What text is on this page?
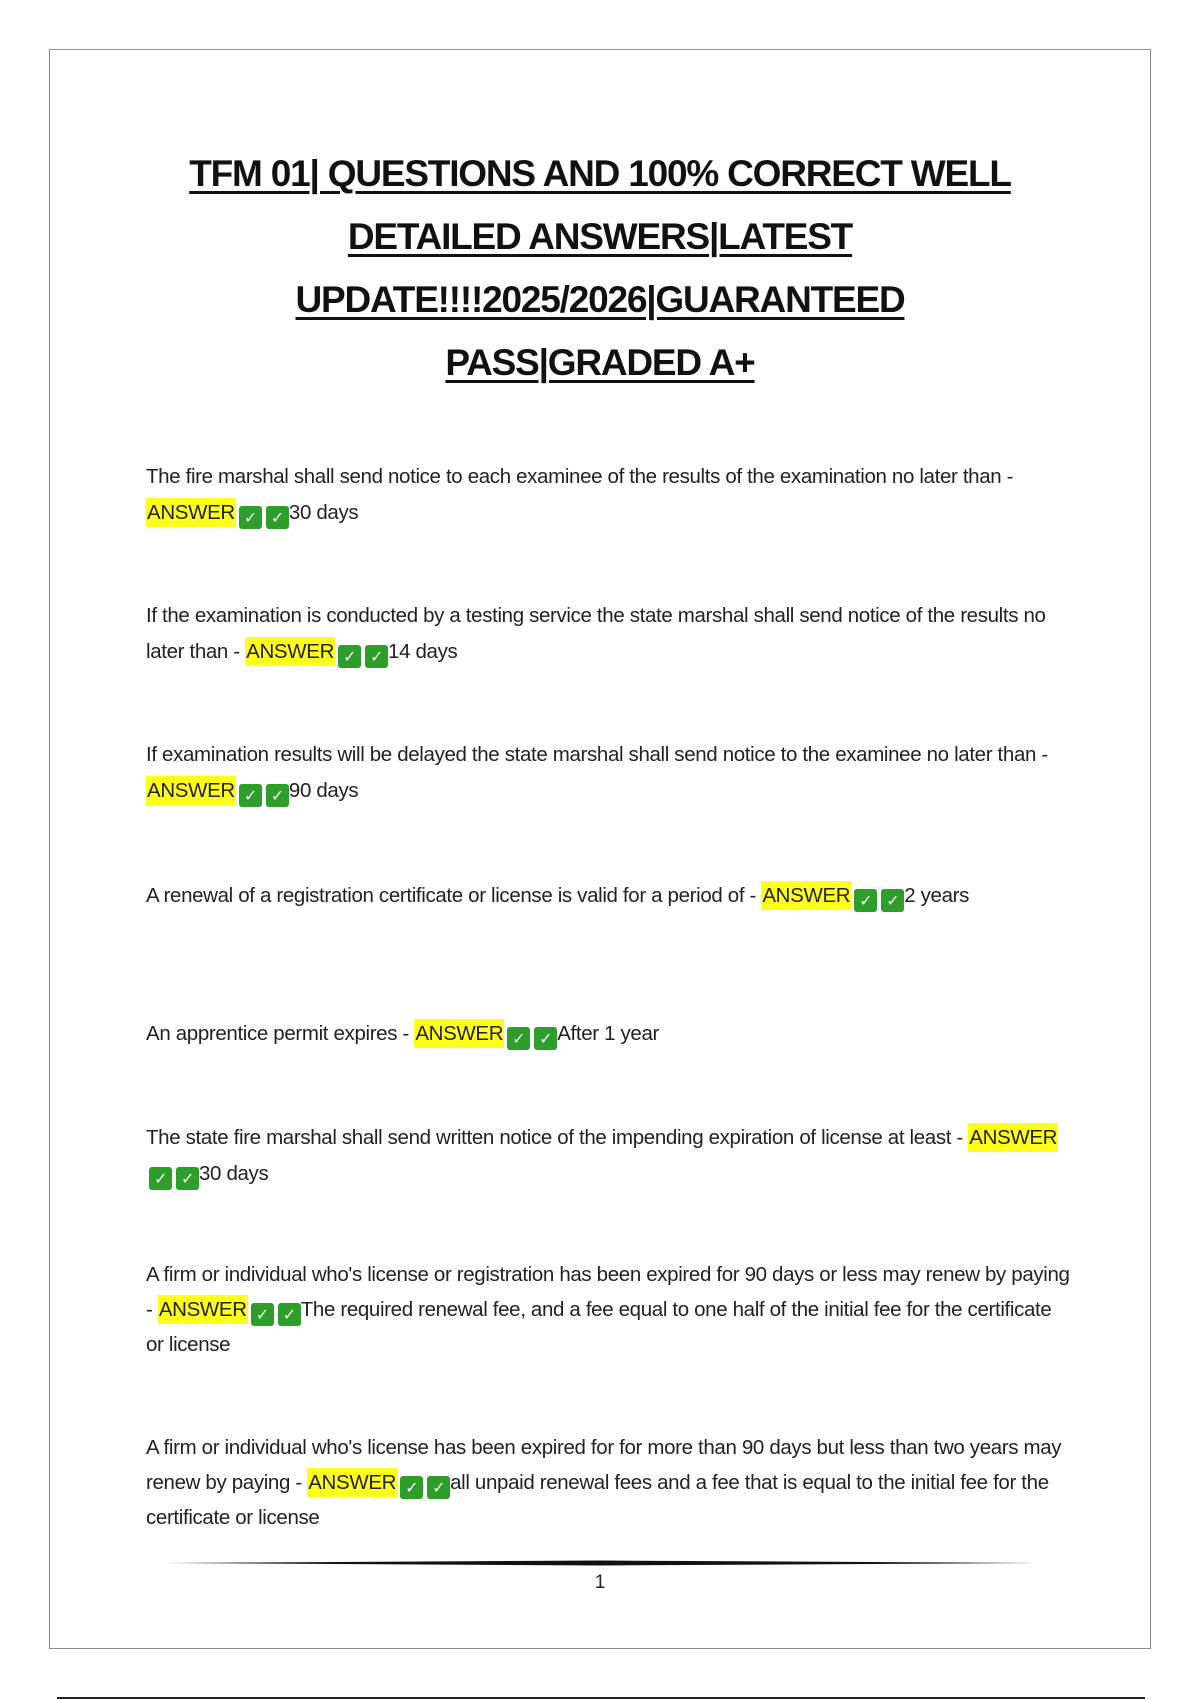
TFM 01| QUESTIONS AND 100% CORRECT WELL
DETAILED ANSWERS|LATEST
UPDATE!!!!2025/2026|GUARANTEED
PASS|GRADED A+

The fire marshal shall send notice to each examinee of the results of the examination no later than - ANSWER ✓ ✓ 30 days

If the examination is conducted by a testing service the state marshal shall send notice of the results no later than - ANSWER ✓ ✓ 14 days

If examination results will be delayed the state marshal shall send notice to the examinee no later than - ANSWER ✓ ✓ 90 days

A renewal of a registration certificate or license is valid for a period of - ANSWER ✓ ✓ 2 years

An apprentice permit expires - ANSWER ✓ ✓ After 1 year

The state fire marshal shall send written notice of the impending expiration of license at least - ANSWER✓ ✓ 30 days

A firm or individual who's license or registration has been expired for 90 days or less may renew by paying - ANSWER ✓ ✓ The required renewal fee, and a fee equal to one half of the initial fee for the certificate or license

A firm or individual who's license has been expired for for more than 90 days but less than two years may renew by paying - ANSWER ✓ ✓ all unpaid renewal fees and a fee that is equal to the initial fee for the certificate or license

1
